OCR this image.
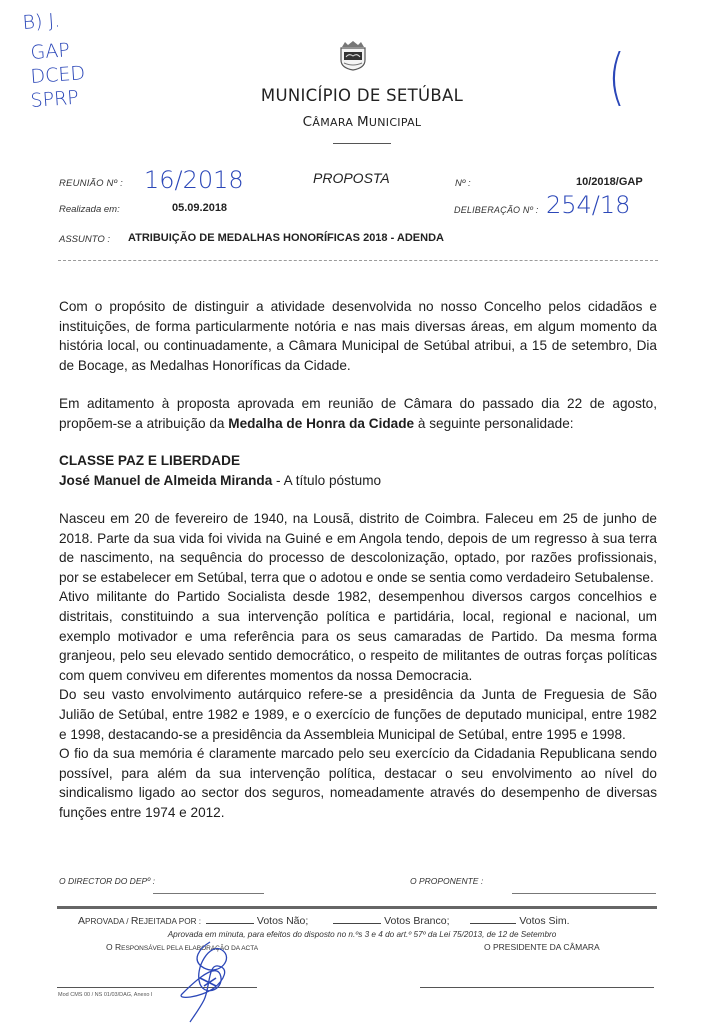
B) J.
GAP
DCED
SPRP	(
MUNICÍPIO DE SETÚBAL
CÂMARA MUNICIPAL
REUNIÃO Nº : 16/2018	PROPOSTA	Nº :	10/2018/GAP
Realizada em:	05.09.2018	DELIBERAÇÃO Nº : 254/18
ASSUNTO : ATRIBUIÇÃO DE MEDALHAS HONORÍFICAS 2018 - ADENDA

Com o propósito de distinguir a atividade desenvolvida no nosso Concelho pelos cidadãos e instituições, de forma particularmente notória e nas mais diversas áreas, em algum momento da história local, ou continuadamente, a Câmara Municipal de Setúbal atribui, a 15 de setembro, Dia de Bocage, as Medalhas Honoríficas da Cidade.

Em aditamento à proposta aprovada em reunião de Câmara do passado dia 22 de agosto, propõem-se a atribuição da Medalha de Honra da Cidade à seguinte personalidade:

CLASSE PAZ E LIBERDADE

José Manuel de Almeida Miranda - A título póstumo

Nasceu em 20 de fevereiro de 1940, na Lousã, distrito de Coimbra. Faleceu em 25 de junho de 2018. Parte da sua vida foi vivida na Guiné e em Angola tendo, depois de um regresso à sua terra de nascimento, na sequência do processo de descolonização, optado, por razões profissionais, por se estabelecer em Setúbal, terra que o adotou e onde se sentia como verdadeiro Setubalense.

Ativo militante do Partido Socialista desde 1982, desempenhou diversos cargos concelhios e distritais, constituindo a sua intervenção política e partidária, local, regional e nacional, um exemplo motivador e uma referência para os seus camaradas de Partido. Da mesma forma granjeou, pelo seu elevado sentido democrático, o respeito de militantes de outras forças políticas com quem conviveu em diferentes momentos da nossa Democracia.

Do seu vasto envolvimento autárquico refere-se a presidência da Junta de Freguesia de São Julião de Setúbal, entre 1982 e 1989, e o exercício de funções de deputado municipal, entre 1982 e 1998, destacando-se a presidência da Assembleia Municipal de Setúbal, entre 1995 e 1998.

O fio da sua memória é claramente marcado pelo seu exercício da Cidadania Republicana sendo possível, para além da sua intervenção política, destacar o seu envolvimento ao nível do sindicalismo ligado ao sector dos seguros, nomeadamente através do desempenho de diversas funções entre 1974 e 2012.

O DIRECTOR DO DEPº :	O PROPONENTE :
APROVADA / REJEITADA POR :	Votos Não;	Votos Branco;	Votos Sim.
Aprovada em minuta, para efeitos do disposto no n.ºs 3 e 4 do art.º 57º da Lei 75/2013, de 12 de Setembro
O RESPONSÁVEL PELA ELABORAÇÃO DA ACTA	O PRESIDENTE DA CÂMARA
Mod CMS 00 / NS 01/03/DAG, Anexo I
